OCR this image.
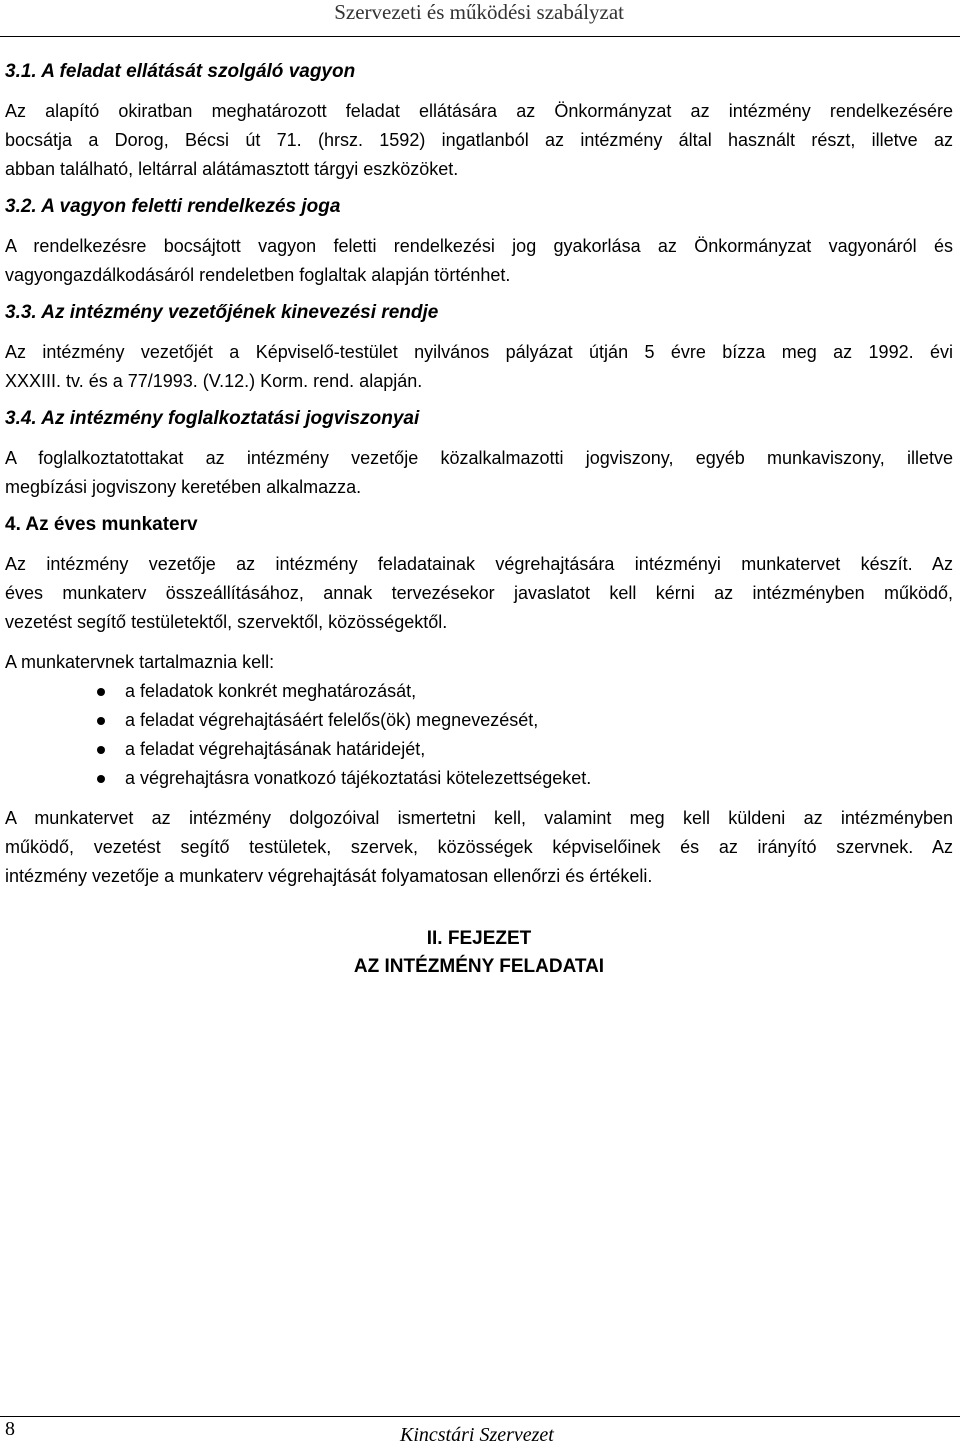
Szervezeti és működési szabályzat

3.1. A feladat ellátását szolgáló vagyon

Az alapító okiratban meghatározott feladat ellátására az Önkormányzat az intézmény rendelkezésére

bocsátja a Dorog, Bécsi út 71. (hrsz. 1592) ingatlanból az intézmény által használt részt, illetve az

abban található, leltárral alátámasztott tárgyi eszközöket.

3.2. A vagyon feletti rendelkezés joga

A rendelkezésre bocsájtott vagyon feletti rendelkezési jog gyakorlása az Önkormányzat vagyonáról és

vagyongazdálkodásáról rendeletben foglaltak alapján történhet.

3.3. Az intézmény vezetőjének kinevezési rendje

Az intézmény vezetőjét a Képviselő-testület nyilvános pályázat útján 5 évre bízza meg az 1992. évi

XXXIII. tv. és a 77/1993. (V.12.) Korm. rend. alapján.

3.4. Az intézmény foglalkoztatási jogviszonyai

A foglalkoztatottakat az intézmény vezetője közalkalmazotti jogviszony, egyéb munkaviszony, illetve

megbízási jogviszony keretében alkalmazza.

4. Az éves munkaterv

Az intézmény vezetője az intézmény feladatainak végrehajtására intézményi munkatervet készít. Az

éves munkaterv összeállításához, annak tervezésekor javaslatot kell kérni az intézményben működő,

vezetést segítő testületektől, szervektől, közösségektől.

A munkatervnek tartalmaznia kell:

a feladatok konkrét meghatározását,
a feladat végrehajtásáért felelős(ök) megnevezését,
a feladat végrehajtásának határidejét,
a végrehajtásra vonatkozó tájékoztatási kötelezettségeket.

A munkatervet az intézmény dolgozóival ismertetni kell, valamint meg kell küldeni az intézményben

működő, vezetést segítő testületek, szervek, közösségek képviselőinek és az irányító szervnek. Az

intézmény vezetője a munkaterv végrehajtását folyamatosan ellenőrzi és értékeli.

II. FEJEZET

AZ INTÉZMÉNY FELADATAI

8	Kincstári Szervezet
